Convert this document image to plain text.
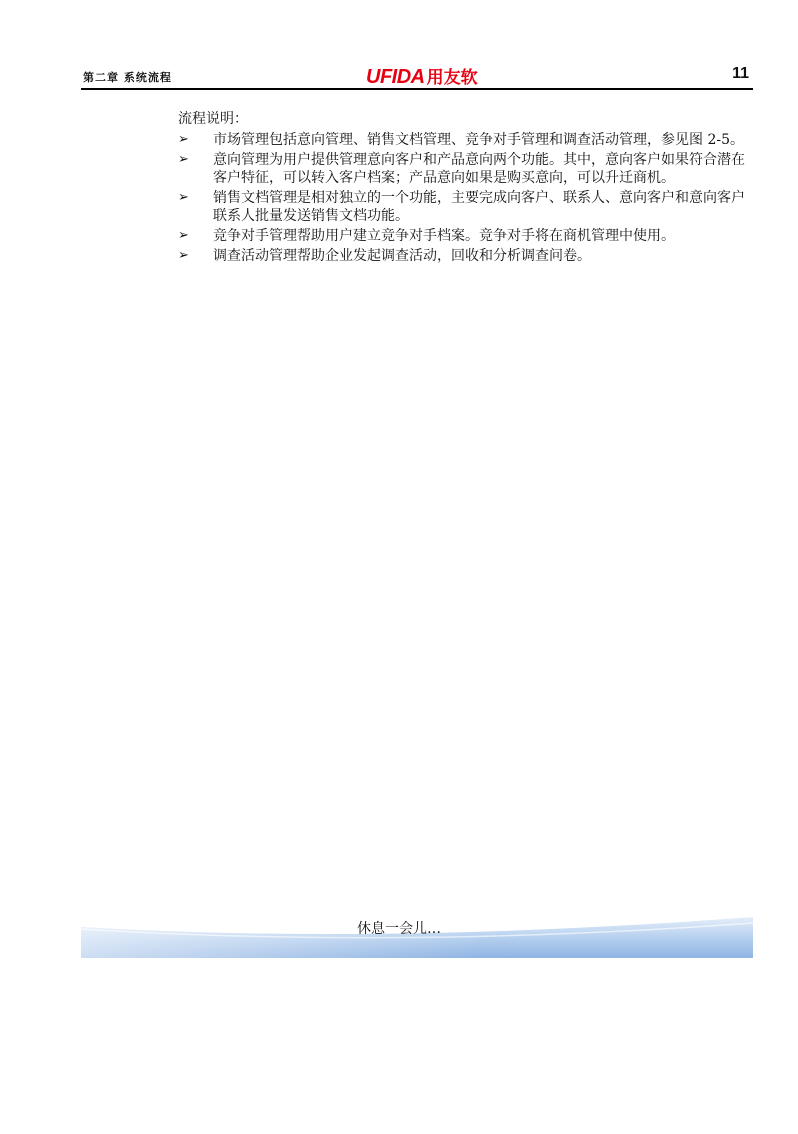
第二章 系统流程	UFIDA 用友软	11

流程说明：

➢ 市场管理包括意向管理、销售文档管理、竞争对手管理和调查活动管理，参见图 2-5。
➢ 意向管理为用户提供管理意向客户和产品意向两个功能。其中，意向客户如果符合潜在客户特征，可以转入客户档案；产品意向如果是购买意向，可以升迁商机。
➢ 销售文档管理是相对独立的一个功能，主要完成向客户、联系人、意向客户和意向客户联系人批量发送销售文档功能。
➢ 竞争对手管理帮助用户建立竞争对手档案。竞争对手将在商机管理中使用。
➢ 调查活动管理帮助企业发起调查活动，回收和分析调查问卷。
休息一会儿…
